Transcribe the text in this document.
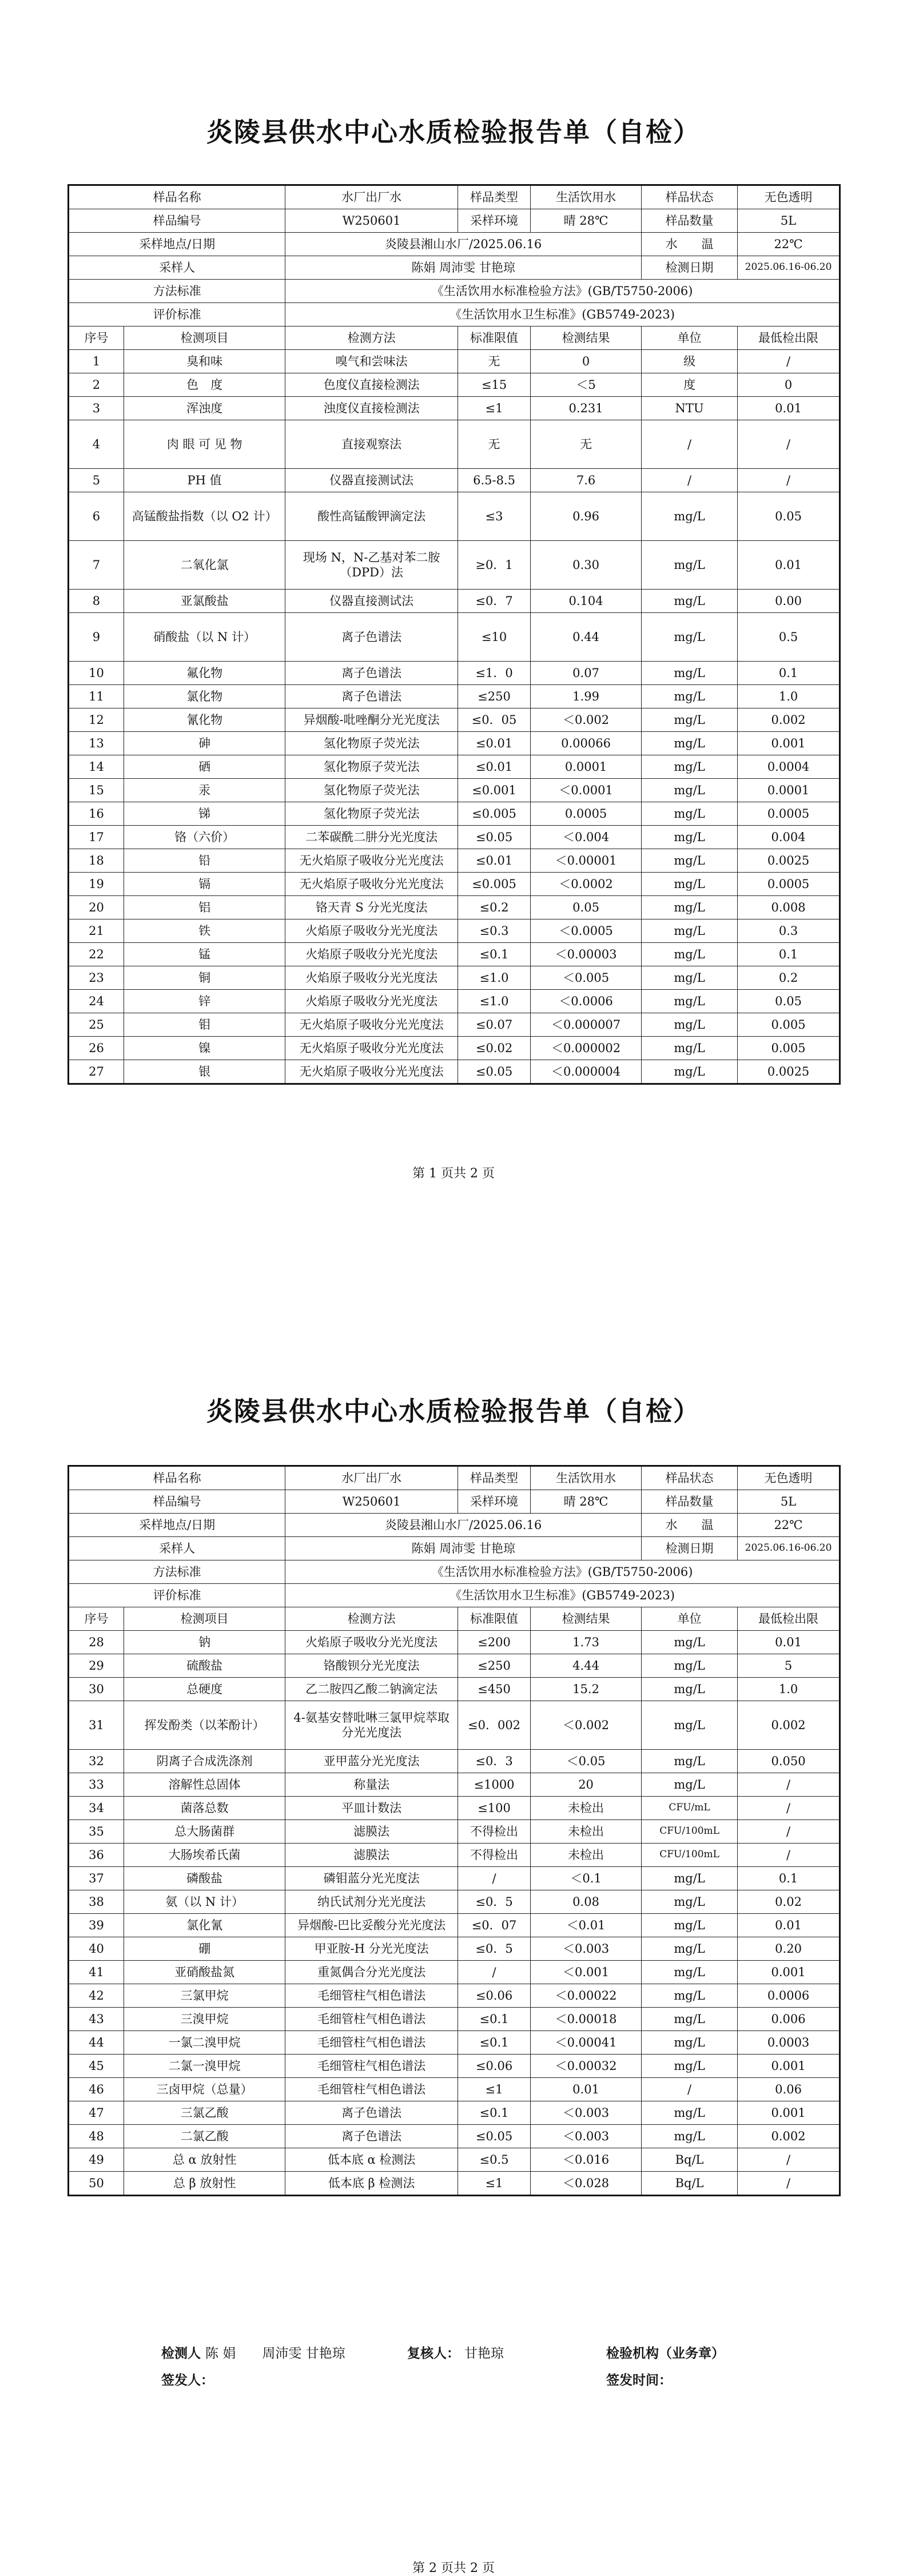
炎陵县供水中心水质检验报告单（自检）
样品名称		水厂出厂水	样品类型	生活饮用水	样品状态	无色透明
样品编号		W250601	采样环境	晴 28℃	样品数量	5L
采样地点/日期		炎陵县湘山水厂/2025.06.16			水　　温	22℃
采样人		陈娟 周沛雯 甘艳琼			检测日期	2025.06.16-06.20
方法标准		《生活饮用水标准检验方法》(GB/T5750-2006)				
评价标准		《生活饮用水卫生标准》(GB5749-2023)				
序号	检测项目	检测方法	标准限值	检测结果	单位	最低检出限
1	臭和味	嗅气和尝味法	无	0	级	/
2	色　度	色度仪直接检测法	≤15	＜5	度	0
3	浑浊度	浊度仪直接检测法	≤1	0.231	NTU	0.01
4	肉 眼 可 见 物	直接观察法	无	无	/	/
5	PH 值	仪器直接测试法	6.5-8.5	7.6	/	/
6	高锰酸盐指数（以 O2 计）	酸性高锰酸钾滴定法	≤3	0.96	mg/L	0.05
7	二氧化氯	现场 N，N-乙基对苯二胺（DPD）法	≥0．1	0.30	mg/L	0.01
8	亚氯酸盐	仪器直接测试法	≤0．7	0.104	mg/L	0.00
9	硝酸盐（以 N 计）	离子色谱法	≤10	0.44	mg/L	0.5
10	氟化物	离子色谱法	≤1．0	0.07	mg/L	0.1
11	氯化物	离子色谱法	≤250	1.99	mg/L	1.0
12	氰化物	异烟酸-吡唑酮分光光度法	≤0．05	＜0.002	mg/L	0.002
13	砷	氢化物原子荧光法	≤0.01	0.00066	mg/L	0.001
14	硒	氢化物原子荧光法	≤0.01	0.0001	mg/L	0.0004
15	汞	氢化物原子荧光法	≤0.001	＜0.0001	mg/L	0.0001
16	锑	氢化物原子荧光法	≤0.005	0.0005	mg/L	0.0005
17	铬（六价）	二苯碳酰二肼分光光度法	≤0.05	＜0.004	mg/L	0.004
18	铅	无火焰原子吸收分光光度法	≤0.01	＜0.00001	mg/L	0.0025
19	镉	无火焰原子吸收分光光度法	≤0.005	＜0.0002	mg/L	0.0005
20	铝	铬天青 S 分光光度法	≤0.2	0.05	mg/L	0.008
21	铁	火焰原子吸收分光光度法	≤0.3	＜0.0005	mg/L	0.3
22	锰	火焰原子吸收分光光度法	≤0.1	＜0.00003	mg/L	0.1
23	铜	火焰原子吸收分光光度法	≤1.0	＜0.005	mg/L	0.2
24	锌	火焰原子吸收分光光度法	≤1.0	＜0.0006	mg/L	0.05
25	钼	无火焰原子吸收分光光度法	≤0.07	＜0.000007	mg/L	0.005
26	镍	无火焰原子吸收分光光度法	≤0.02	＜0.000002	mg/L	0.005
27	银	无火焰原子吸收分光光度法	≤0.05	＜0.000004	mg/L	0.0025
第 1 页共 2 页
炎陵县供水中心水质检验报告单（自检）
样品名称		水厂出厂水	样品类型	生活饮用水	样品状态	无色透明
样品编号		W250601	采样环境	晴 28℃	样品数量	5L
采样地点/日期		炎陵县湘山水厂/2025.06.16			水　　温	22℃
采样人		陈娟 周沛雯 甘艳琼			检测日期	2025.06.16-06.20
方法标准		《生活饮用水标准检验方法》(GB/T5750-2006)				
评价标准		《生活饮用水卫生标准》(GB5749-2023)				
序号	检测项目	检测方法	标准限值	检测结果	单位	最低检出限
28	钠	火焰原子吸收分光光度法	≤200	1.73	mg/L	0.01
29	硫酸盐	铬酸钡分光光度法	≤250	4.44	mg/L	5
30	总硬度	乙二胺四乙酸二钠滴定法	≤450	15.2	mg/L	1.0
31	挥发酚类（以苯酚计）	4-氨基安替吡啉三氯甲烷萃取分光光度法	≤0．002	＜0.002	mg/L	0.002
32	阴离子合成洗涤剂	亚甲蓝分光光度法	≤0．3	＜0.05	mg/L	0.050
33	溶解性总固体	称量法	≤1000	20	mg/L	/
34	菌落总数	平皿计数法	≤100	未检出	CFU/mL	/
35	总大肠菌群	滤膜法	不得检出	未检出	CFU/100mL	/
36	大肠埃希氏菌	滤膜法	不得检出	未检出	CFU/100mL	/
37	磷酸盐	磷钼蓝分光光度法	/	＜0.1	mg/L	0.1
38	氨（以 N 计）	纳氏试剂分光光度法	≤0．5	0.08	mg/L	0.02
39	氯化氰	异烟酸-巴比妥酸分光光度法	≤0．07	＜0.01	mg/L	0.01
40	硼	甲亚胺-H 分光光度法	≤0．5	＜0.003	mg/L	0.20
41	亚硝酸盐氮	重氮偶合分光光度法	/	＜0.001	mg/L	0.001
42	三氯甲烷	毛细管柱气相色谱法	≤0.06	＜0.00022	mg/L	0.0006
43	三溴甲烷	毛细管柱气相色谱法	≤0.1	＜0.00018	mg/L	0.006
44	一氯二溴甲烷	毛细管柱气相色谱法	≤0.1	＜0.00041	mg/L	0.0003
45	二氯一溴甲烷	毛细管柱气相色谱法	≤0.06	＜0.00032	mg/L	0.001
46	三卤甲烷（总量）	毛细管柱气相色谱法	≤1	0.01	/	0.06
47	三氯乙酸	离子色谱法	≤0.1	＜0.003	mg/L	0.001
48	二氯乙酸	离子色谱法	≤0.05	＜0.003	mg/L	0.002
49	总 α 放射性	低本底 α 检测法	≤0.5	＜0.016	Bq/L	/
50	总 β 放射性	低本底 β 检测法	≤1	＜0.028	Bq/L	/
检测人 陈 娟　　周沛雯 甘艳琼	复核人： 甘艳琼	检验机构（业务章）
签发人：	签发时间：
第 2 页共 2 页
